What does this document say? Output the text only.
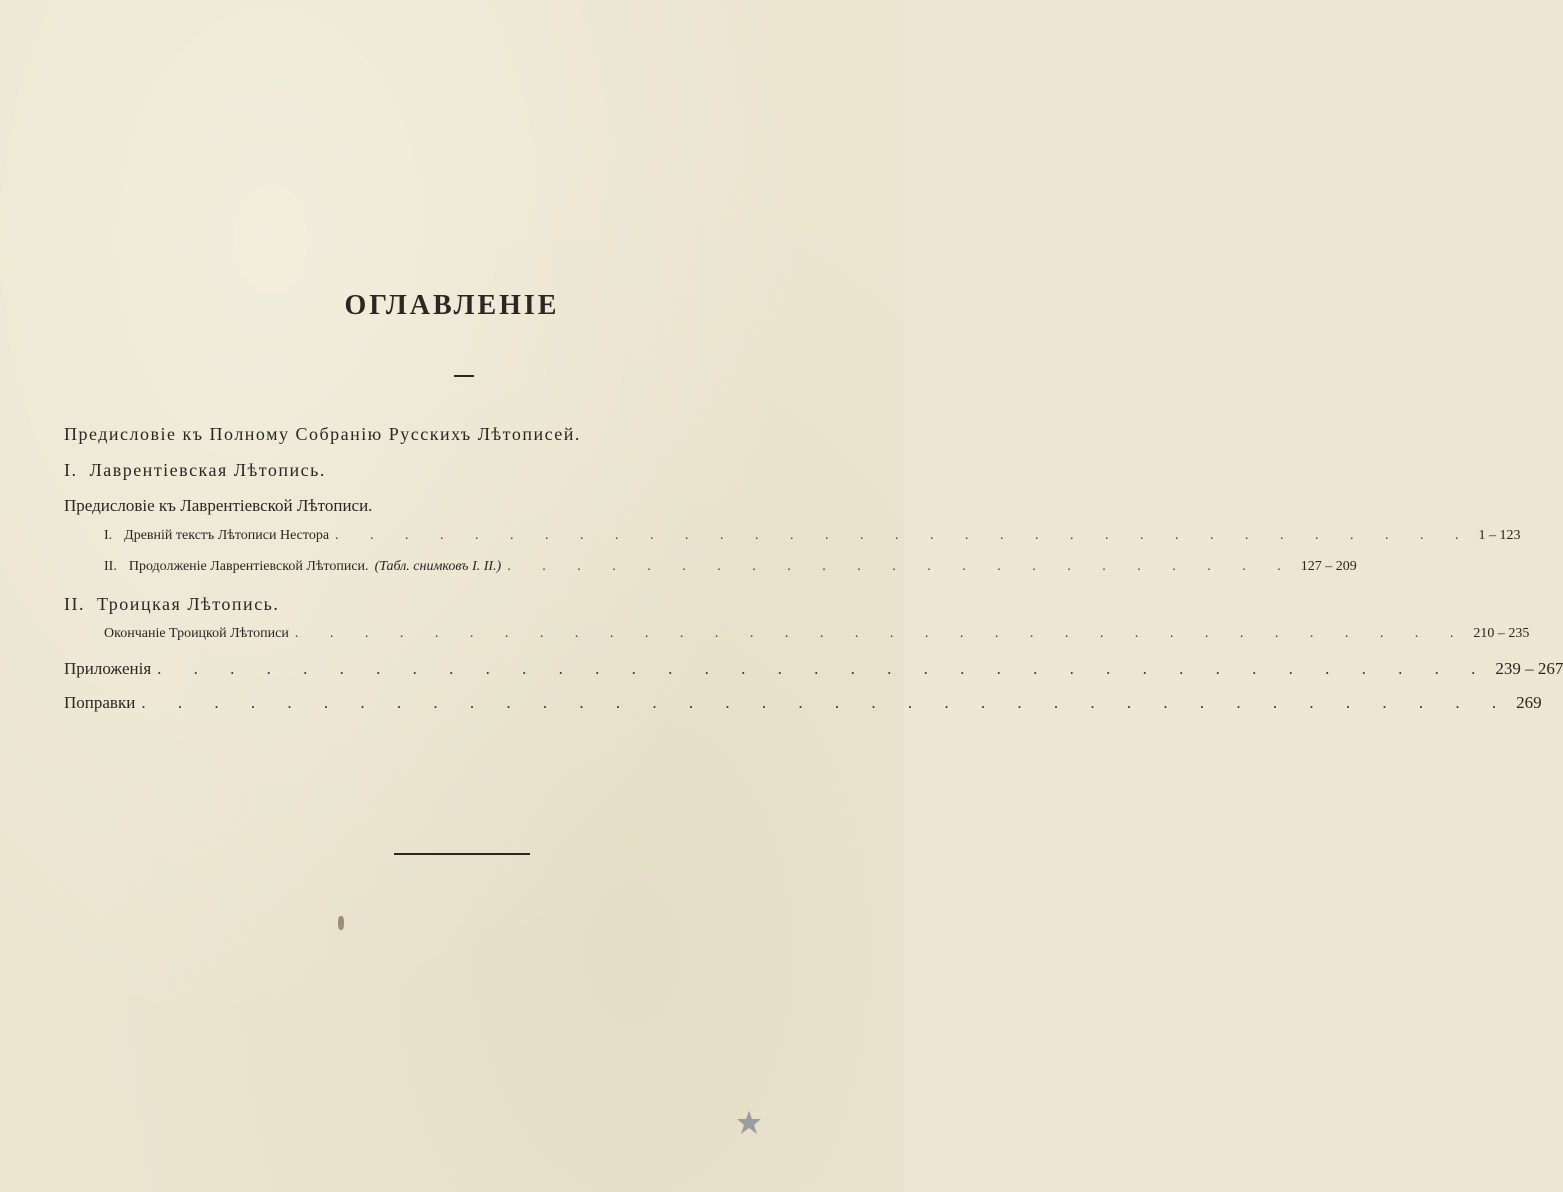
ОГЛАВЛЕНІЕ
Предисловіе къ Полному Собранію Русскихъ Лѣтописей.
I. Лаврентіевская Лѣтопись.
Предисловіе къ Лаврентіевской Лѣтописи.
I. Древній текстъ Лѣтописи Нестора . . . . . . . . . . . . . . . . . . . . . . . . . . . . . . . . . 1 – 123
II. Продолженіе Лаврентіевской Лѣтописи. (Табл. снимковъ I. II.) . . . . . . . . . . . . . . . . . . . . . . . 127 – 209
II. Троицкая Лѣтопись.
Окончаніе Троицкой Лѣтописи . . . . . . . . . . . . . . . . . . . . . . . . . . . . . . . . . . 210 – 235
Приложенія . . . . . . . . . . . . . . . . . . . . . . . . . . . . . . . . . . . . . 239 – 267
Поправки . . . . . . . . . . . . . . . . . . . . . . . . . . . . . . . . . . . . . . 269
